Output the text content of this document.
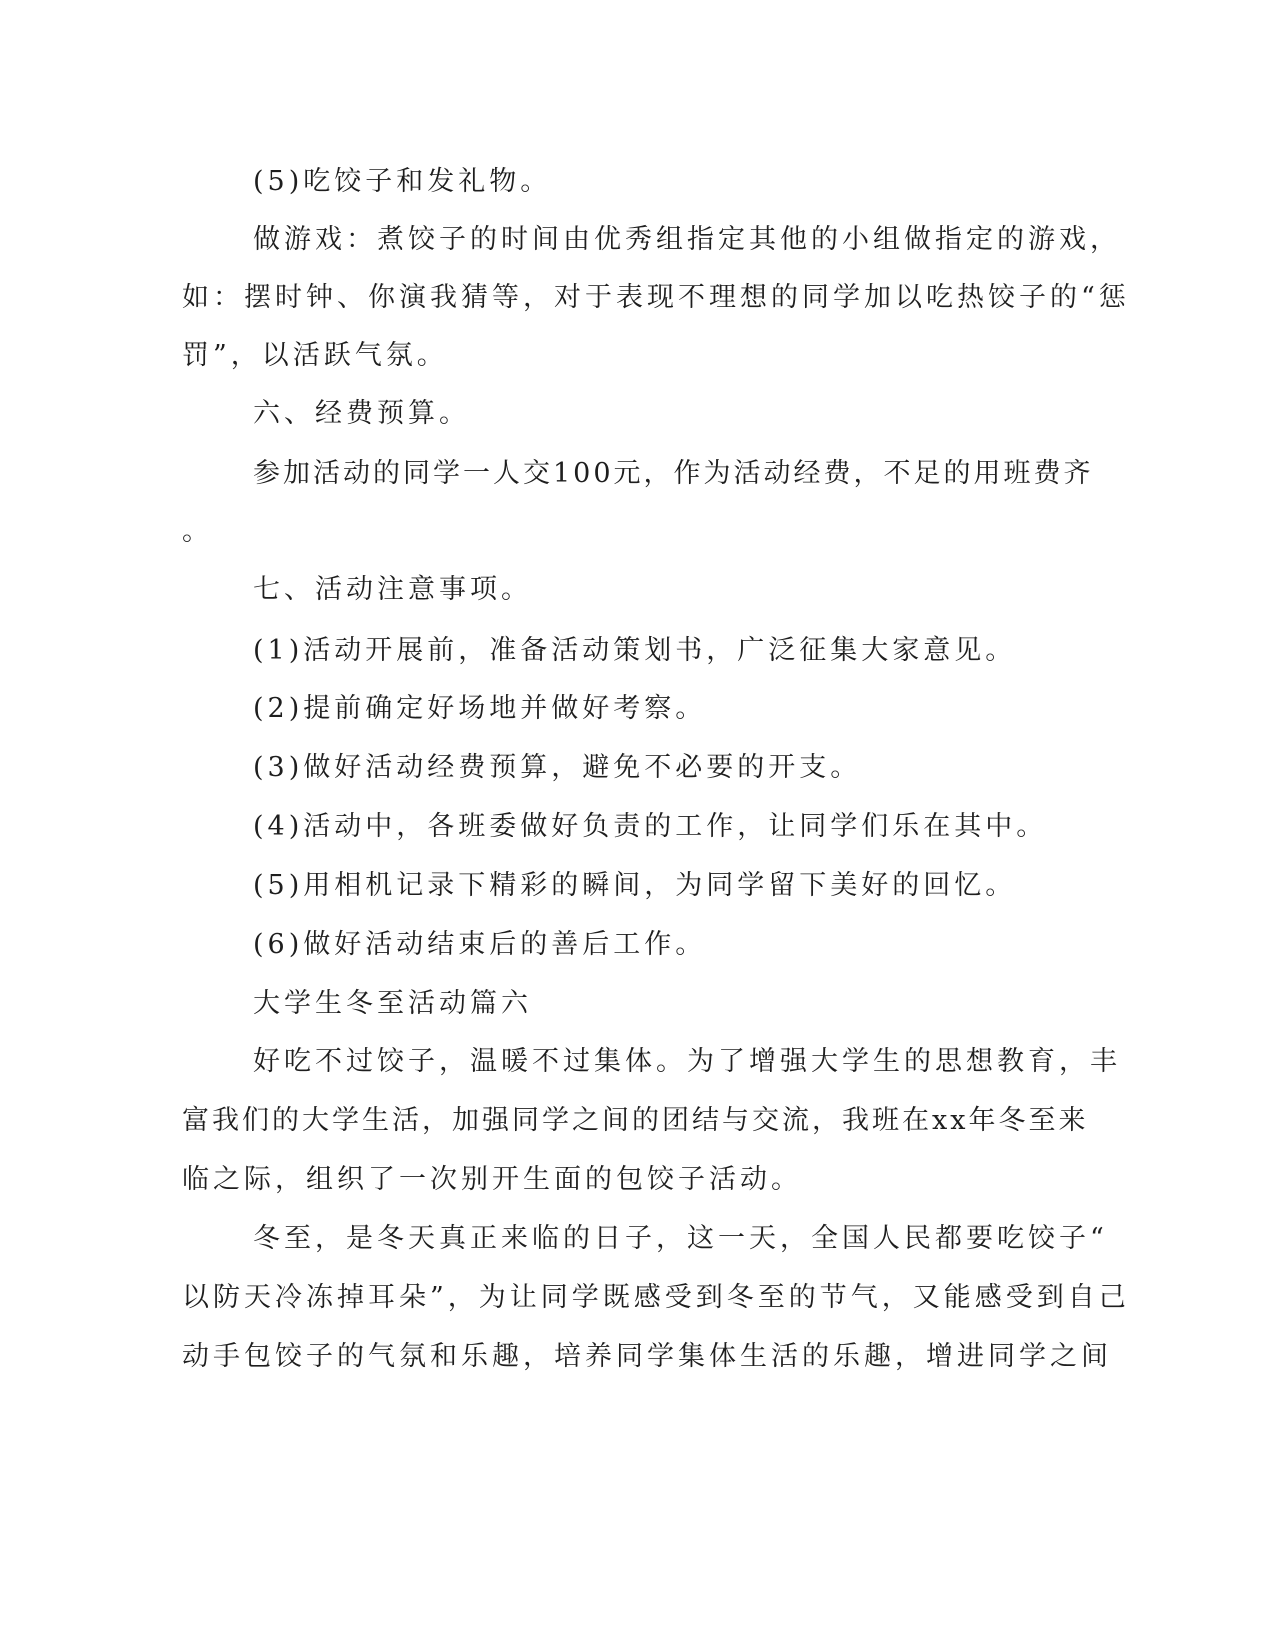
(5)吃饺子和发礼物。
做游戏：煮饺子的时间由优秀组指定其他的小组做指定的游戏，
如：摆时钟、你演我猜等，对于表现不理想的同学加以吃热饺子的“惩
罚”，以活跃气氛。
六、经费预算。
参加活动的同学一人交100元，作为活动经费，不足的用班费齐
。
七、活动注意事项。
(1)活动开展前，准备活动策划书，广泛征集大家意见。
(2)提前确定好场地并做好考察。
(3)做好活动经费预算，避免不必要的开支。
(4)活动中，各班委做好负责的工作，让同学们乐在其中。
(5)用相机记录下精彩的瞬间，为同学留下美好的回忆。
(6)做好活动结束后的善后工作。
大学生冬至活动篇六
好吃不过饺子，温暖不过集体。为了增强大学生的思想教育，丰
富我们的大学生活，加强同学之间的团结与交流，我班在xx年冬至来
临之际，组织了一次别开生面的包饺子活动。
冬至，是冬天真正来临的日子，这一天，全国人民都要吃饺子“
以防天冷冻掉耳朵”，为让同学既感受到冬至的节气，又能感受到自己
动手包饺子的气氛和乐趣，培养同学集体生活的乐趣，增进同学之间
